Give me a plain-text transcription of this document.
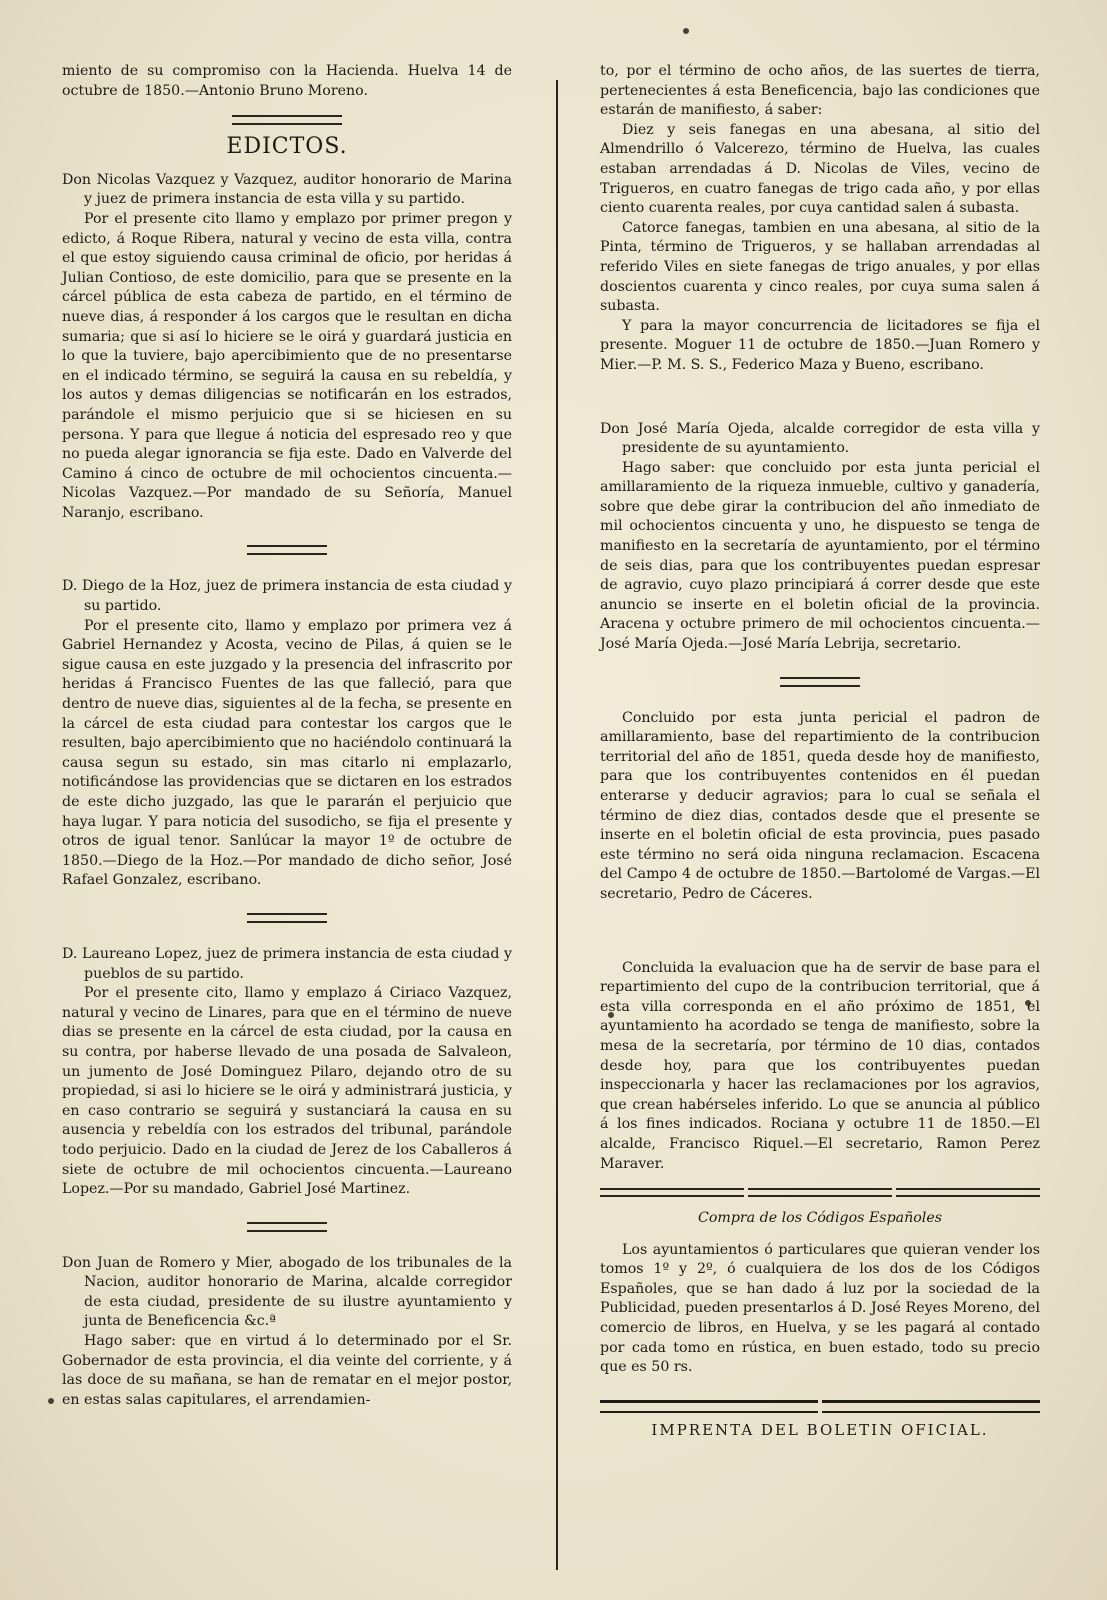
miento de su compromiso con la Hacienda. Huelva 14 de octubre de 1850.—Antonio Bruno Moreno.

EDICTOS.

Don Nicolas Vazquez y Vazquez, auditor honorario de Marina y juez de primera instancia de esta villa y su partido.

Por el presente cito llamo y emplazo por primer pregon y edicto, á Roque Ribera, natural y vecino de esta villa, contra el que estoy siguiendo causa criminal de oficio, por heridas á Julian Contioso, de este domicilio, para que se presente en la cárcel pública de esta cabeza de partido, en el término de nueve dias, á responder á los cargos que le resultan en dicha sumaria; que si así lo hiciere se le oirá y guardará justicia en lo que la tuviere, bajo apercibimiento que de no presentarse en el indicado término, se seguirá la causa en su rebeldía, y los autos y demas diligencias se notificarán en los estrados, parándole el mismo perjuicio que si se hiciesen en su persona. Y para que llegue á noticia del espresado reo y que no pueda alegar ignorancia se fija este. Dado en Valverde del Camino á cinco de octubre de mil ochocientos cincuenta.—Nicolas Vazquez.—Por mandado de su Señoría, Manuel Naranjo, escribano.

D. Diego de la Hoz, juez de primera instancia de esta ciudad y su partido.

Por el presente cito, llamo y emplazo por primera vez á Gabriel Hernandez y Acosta, vecino de Pilas, á quien se le sigue causa en este juzgado y la presencia del infrascrito por heridas á Francisco Fuentes de las que falleció, para que dentro de nueve dias, siguientes al de la fecha, se presente en la cárcel de esta ciudad para contestar los cargos que le resulten, bajo apercibimiento que no haciéndolo continuará la causa segun su estado, sin mas citarlo ni emplazarlo, notificándose las providencias que se dictaren en los estrados de este dicho juzgado, las que le pararán el perjuicio que haya lugar. Y para noticia del susodicho, se fija el presente y otros de igual tenor. Sanlúcar la mayor 1º de octubre de 1850.—Diego de la Hoz.—Por mandado de dicho señor, José Rafael Gonzalez, escribano.

D. Laureano Lopez, juez de primera instancia de esta ciudad y pueblos de su partido.

Por el presente cito, llamo y emplazo á Ciriaco Vazquez, natural y vecino de Linares, para que en el término de nueve dias se presente en la cárcel de esta ciudad, por la causa en su contra, por haberse llevado de una posada de Salvaleon, un jumento de José Dominguez Pilaro, dejando otro de su propiedad, si asi lo hiciere se le oirá y administrará justicia, y en caso contrario se seguirá y sustanciará la causa en su ausencia y rebeldía con los estrados del tribunal, parándole todo perjuicio. Dado en la ciudad de Jerez de los Caballeros á siete de octubre de mil ochocientos cincuenta.—Laureano Lopez.—Por su mandado, Gabriel José Martinez.

Don Juan de Romero y Mier, abogado de los tribunales de la Nacion, auditor honorario de Marina, alcalde corregidor de esta ciudad, presidente de su ilustre ayuntamiento y junta de Beneficencia &c.ª

Hago saber: que en virtud á lo determinado por el Sr. Gobernador de esta provincia, el dia veinte del corriente, y á las doce de su mañana, se han de rematar en el mejor postor, en estas salas capitulares, el arrendamien-

to, por el término de ocho años, de las suertes de tierra, pertenecientes á esta Beneficencia, bajo las condiciones que estarán de manifiesto, á saber:

Diez y seis fanegas en una abesana, al sitio del Almendrillo ó Valcerezo, término de Huelva, las cuales estaban arrendadas á D. Nicolas de Viles, vecino de Trigueros, en cuatro fanegas de trigo cada año, y por ellas ciento cuarenta reales, por cuya cantidad salen á subasta.

Catorce fanegas, tambien en una abesana, al sitio de la Pinta, término de Trigueros, y se hallaban arrendadas al referido Viles en siete fanegas de trigo anuales, y por ellas doscientos cuarenta y cinco reales, por cuya suma salen á subasta.

Y para la mayor concurrencia de licitadores se fija el presente. Moguer 11 de octubre de 1850.—Juan Romero y Mier.—P. M. S. S., Federico Maza y Bueno, escribano.

Don José María Ojeda, alcalde corregidor de esta villa y presidente de su ayuntamiento.

Hago saber: que concluido por esta junta pericial el amillaramiento de la riqueza inmueble, cultivo y ganadería, sobre que debe girar la contribucion del año inmediato de mil ochocientos cincuenta y uno, he dispuesto se tenga de manifiesto en la secretaría de ayuntamiento, por el término de seis dias, para que los contribuyentes puedan espresar de agravio, cuyo plazo principiará á correr desde que este anuncio se inserte en el boletin oficial de la provincia. Aracena y octubre primero de mil ochocientos cincuenta.—José María Ojeda.—José María Lebrija, secretario.

Concluido por esta junta pericial el padron de amillaramiento, base del repartimiento de la contribucion territorial del año de 1851, queda desde hoy de manifiesto, para que los contribuyentes contenidos en él puedan enterarse y deducir agravios; para lo cual se señala el término de diez dias, contados desde que el presente se inserte en el boletin oficial de esta provincia, pues pasado este término no será oida ninguna reclamacion. Escacena del Campo 4 de octubre de 1850.—Bartolomé de Vargas.—El secretario, Pedro de Cáceres.

Concluida la evaluacion que ha de servir de base para el repartimiento del cupo de la contribucion territorial, que á esta villa corresponda en el año próximo de 1851, el ayuntamiento ha acordado se tenga de manifiesto, sobre la mesa de la secretaría, por término de 10 dias, contados desde hoy, para que los contribuyentes puedan inspeccionarla y hacer las reclamaciones por los agravios, que crean habérseles inferido. Lo que se anuncia al público á los fines indicados. Rociana y octubre 11 de 1850.—El alcalde, Francisco Riquel.—El secretario, Ramon Perez Maraver.

Compra de los Códigos Españoles

Los ayuntamientos ó particulares que quieran vender los tomos 1º y 2º, ó cualquiera de los dos de los Códigos Españoles, que se han dado á luz por la sociedad de la Publicidad, pueden presentarlos á D. José Reyes Moreno, del comercio de libros, en Huelva, y se les pagará al contado por cada tomo en rústica, en buen estado, todo su precio que es 50 rs.

IMPRENTA DEL BOLETIN OFICIAL.
